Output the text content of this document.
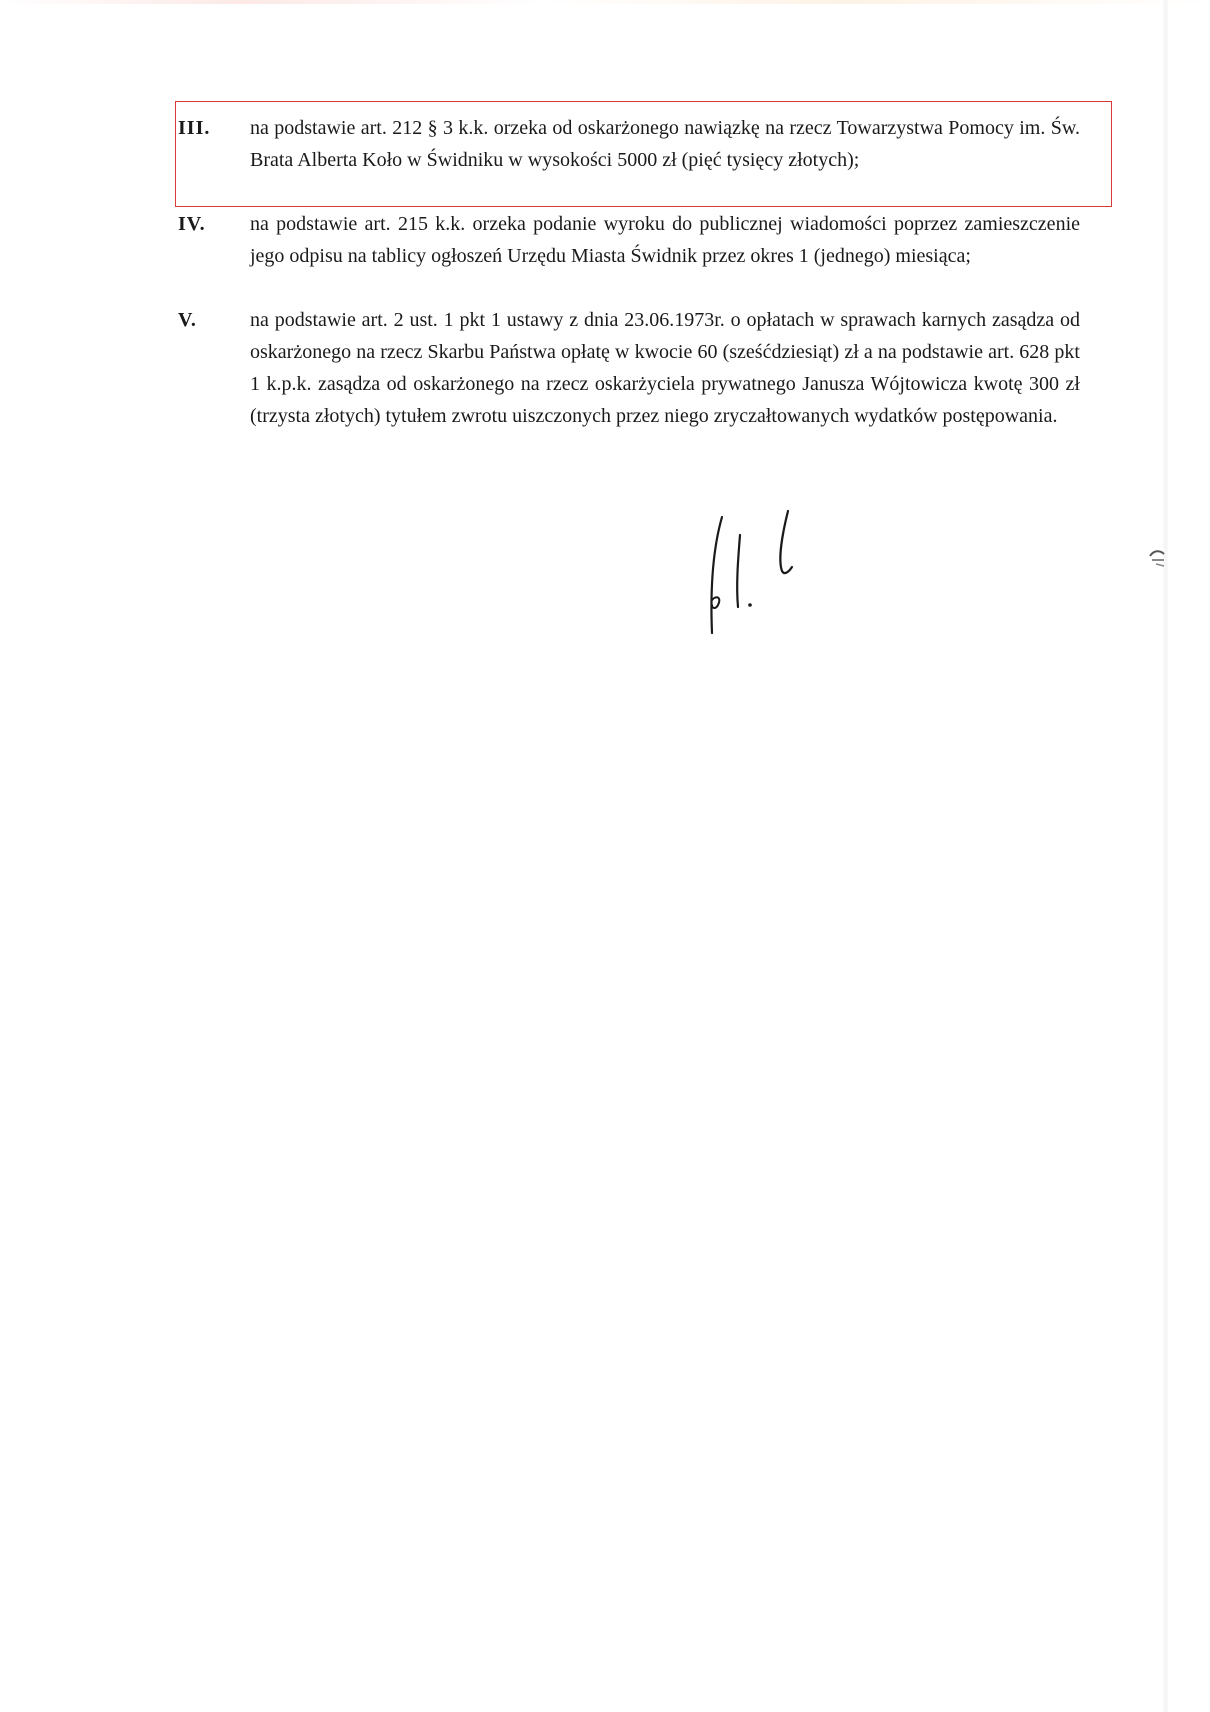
III. na podstawie art. 212 § 3 k.k. orzeka od oskarżonego nawiązkę na rzecz Towarzystwa Pomocy im. Św. Brata Alberta Koło w Świdniku w wysokości 5000 zł (pięć tysięcy złotych);
IV. na podstawie art. 215 k.k. orzeka podanie wyroku do publicznej wiadomości poprzez zamieszczenie jego odpisu na tablicy ogłoszeń Urzędu Miasta Świdnik przez okres 1 (jednego) miesiąca;
V.	na podstawie art. 2 ust. 1 pkt 1 ustawy z dnia 23.06.1973r. o opłatach w sprawach karnych zasądza od oskarżonego na rzecz Skarbu Państwa opłatę w kwocie 60 (sześćdziesiąt) zł a na podstawie art. 628 pkt 1 k.p.k. zasądza od oskarżonego na rzecz oskarżyciela prywatnego Janusza Wójtowicza kwotę 300 zł (trzysta złotych) tytułem zwrotu uiszczonych przez niego zryczałtowanych wydatków postępowania.
